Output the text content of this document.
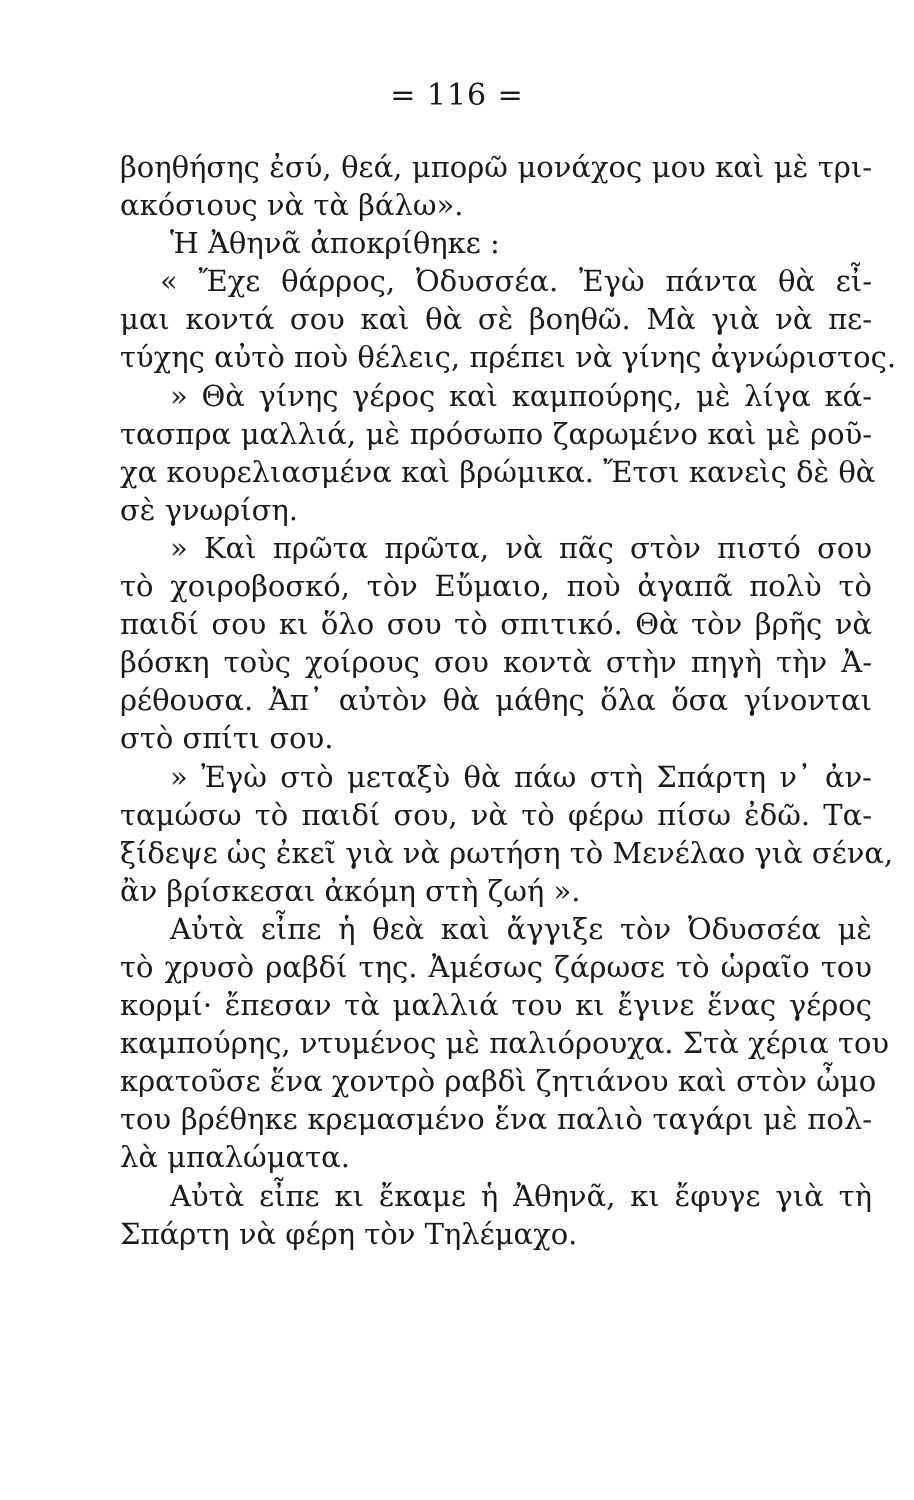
= 116 =
βοηθήσης ἐσύ, θεά, μπορῶ μονάχος μου καὶ μὲ τρι-
ακόσιους νὰ τὰ βάλω».
Ἡ Ἀθηνᾶ ἀποκρίθηκε :
« Ἔχε θάρρος, Ὀδυσσέα. Ἐγὼ πάντα θὰ εἶ-
μαι κοντά σου καὶ θὰ σὲ βοηθῶ. Μὰ γιὰ νὰ πε-
τύχης αὐτὸ ποὺ θέλεις, πρέπει νὰ γίνης ἀγνώριστος.
» Θὰ γίνης γέρος καὶ καμπούρης, μὲ λίγα κά-
τασπρα μαλλιά, μὲ πρόσωπο ζαρωμένο καὶ μὲ ροῦ-
χα κουρελιασμένα καὶ βρώμικα. Ἔτσι κανεὶς δὲ θὰ
σὲ γνωρίση.
» Καὶ πρῶτα πρῶτα, νὰ πᾶς στὸν πιστό σου
τὸ χοιροβοσκό, τὸν Εὔμαιο, ποὺ ἀγαπᾶ πολὺ τὸ
παιδί σου κι ὅλο σου τὸ σπιτικό. Θὰ τὸν βρῆς νὰ
βόσκη τοὺς χοίρους σου κοντὰ στὴν πηγὴ τὴν Ἀ-
ρέθουσα. Ἀπ᾽ αὐτὸν θὰ μάθης ὅλα ὅσα γίνονται
στὸ σπίτι σου.
» Ἐγὼ στὸ μεταξὺ θὰ πάω στὴ Σπάρτη ν᾽ ἀν-
ταμώσω τὸ παιδί σου, νὰ τὸ φέρω πίσω ἐδῶ. Τα-
ξίδεψε ὡς ἐκεῖ γιὰ νὰ ρωτήση τὸ Μενέλαο γιὰ σένα,
ἂν βρίσκεσαι ἀκόμη στὴ ζωή ».
Αὐτὰ εἶπε ἡ θεὰ καὶ ἄγγιξε τὸν Ὀδυσσέα μὲ
τὸ χρυσὸ ραβδί της. Ἀμέσως ζάρωσε τὸ ὡραῖο του
κορμί· ἔπεσαν τὰ μαλλιά του κι ἔγινε ἕνας γέρος
καμπούρης, ντυμένος μὲ παλιόρουχα. Στὰ χέρια του
κρατοῦσε ἕνα χοντρὸ ραβδὶ ζητιάνου καὶ στὸν ὦμο
του βρέθηκε κρεμασμένο ἕνα παλιὸ ταγάρι μὲ πολ-
λὰ μπαλώματα.
Αὐτὰ εἶπε κι ἔκαμε ἡ Ἀθηνᾶ, κι ἔφυγε γιὰ τὴ
Σπάρτη νὰ φέρη τὸν Τηλέμαχο.
